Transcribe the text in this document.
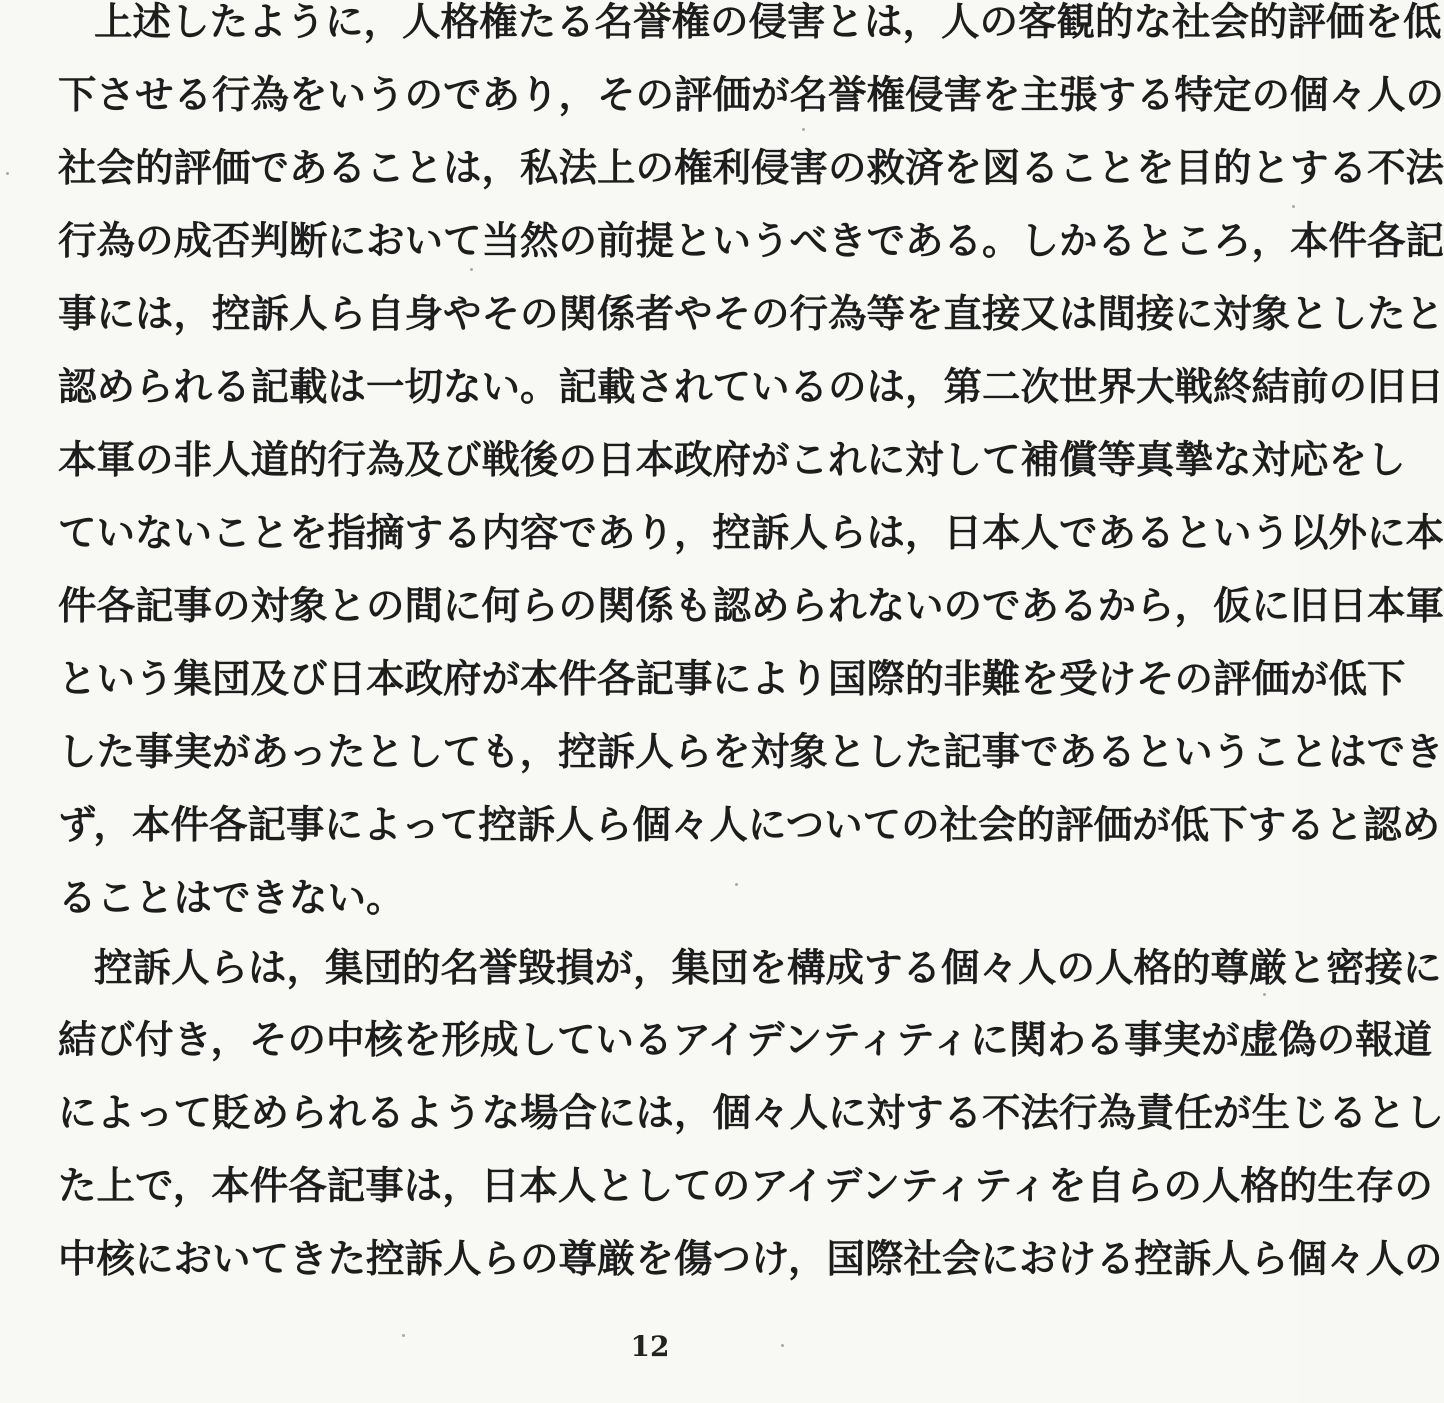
上述したように，人格権たる名誉権の侵害とは，人の客観的な社会的評価を低
下させる行為をいうのであり，その評価が名誉権侵害を主張する特定の個々人の
社会的評価であることは，私法上の権利侵害の救済を図ることを目的とする不法
行為の成否判断において当然の前提というべきである。しかるところ，本件各記
事には，控訴人ら自身やその関係者やその行為等を直接又は間接に対象としたと
認められる記載は一切ない。記載されているのは，第二次世界大戦終結前の旧日
本軍の非人道的行為及び戦後の日本政府がこれに対して補償等真摯な対応をし
ていないことを指摘する内容であり，控訴人らは，日本人であるという以外に本
件各記事の対象との間に何らの関係も認められないのであるから，仮に旧日本軍
という集団及び日本政府が本件各記事により国際的非難を受けその評価が低下
した事実があったとしても，控訴人らを対象とした記事であるということはでき
ず，本件各記事によって控訴人ら個々人についての社会的評価が低下すると認め
ることはできない。
控訴人らは，集団的名誉毀損が，集団を構成する個々人の人格的尊厳と密接に
結び付き，その中核を形成しているアイデンティティに関わる事実が虚偽の報道
によって貶められるような場合には，個々人に対する不法行為責任が生じるとし
た上で，本件各記事は，日本人としてのアイデンティティを自らの人格的生存の
中核においてきた控訴人らの尊厳を傷つけ，国際社会における控訴人ら個々人の
12
